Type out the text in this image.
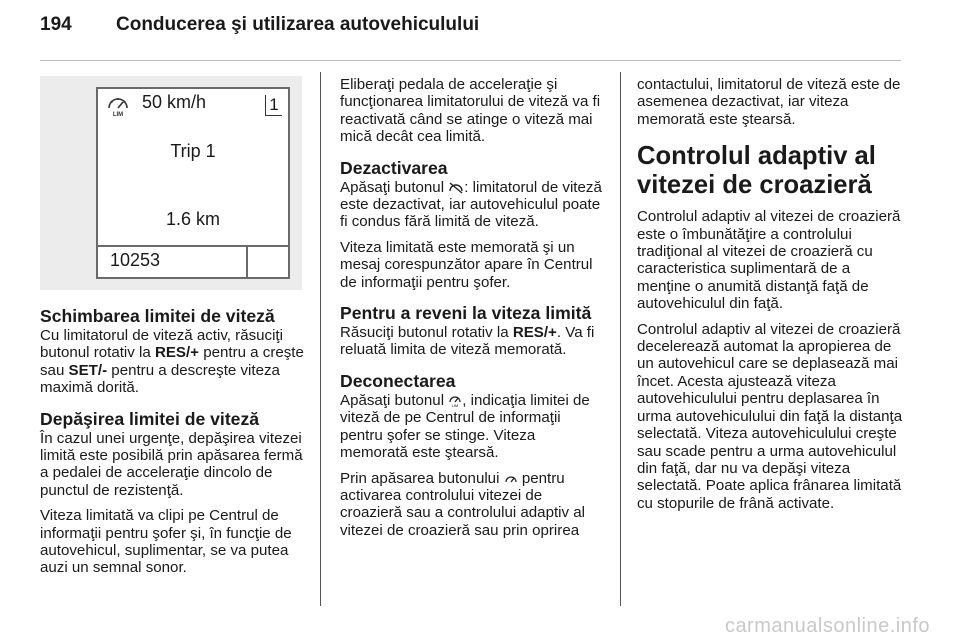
194	Conducerea şi utilizarea autovehiculului
LIM
50 km/h	1
Trip 1
1.6 km
10253
Schimbarea limitei de viteză

Cu limitatorul de viteză activ, răsuciţi butonul rotativ la RES/+ pentru a creşte sau SET/- pentru a descreşte viteza maximă dorită.

Depăşirea limitei de viteză

În cazul unei urgenţe, depăşirea vitezei limită este posibilă prin apăsarea fermă a pedalei de acceleraţie dincolo de punctul de rezistenţă.

Viteza limitată va clipi pe Centrul de informaţii pentru şofer şi, în funcţie de autovehicul, suplimentar, se va putea auzi un semnal sonor.

Eliberaţi pedala de acceleraţie şi funcţionarea limitatorului de viteză va fi reactivată când se atinge o viteză mai mică decât cea limită.

Dezactivarea

Apăsaţi butonul : limitatorul de viteză este dezactivat, iar autovehiculul poate fi condus fără limită de viteză.

Viteza limitată este memorată şi un mesaj corespunzător apare în Centrul de informaţii pentru şofer.

Pentru a reveni la viteza limită

Răsuciţi butonul rotativ la RES/+. Va fi reluată limita de viteză memorată.

Deconectarea

Apăsaţi butonul LIM , indicaţia limitei de viteză de pe Centrul de informaţii pentru şofer se stinge. Viteza memorată este ştearsă.

Prin apăsarea butonului  pentru activarea controlului vitezei de croazieră sau a controlului adaptiv al vitezei de croazieră sau prin oprirea

contactului, limitatorul de viteză este de asemenea dezactivat, iar viteza memorată este ştearsă.

Controlul adaptiv al vitezei de croazieră

Controlul adaptiv al vitezei de croazieră este o îmbunătăţire a controlului tradiţional al vitezei de croazieră cu caracteristica suplimentară de a menţine o anumită distanţă faţă de autovehiculul din faţă.

Controlul adaptiv al vitezei de croazieră decelerează automat la apropierea de un autovehicul care se deplasează mai încet. Acesta ajustează viteza autovehiculului pentru deplasarea în urma autovehiculului din faţă la distanţa selectată. Viteza autovehiculului creşte sau scade pentru a urma autovehiculul din faţă, dar nu va depăşi viteza selectată. Poate aplica frânarea limitată cu stopurile de frână activate.

carmanualsonline.info
